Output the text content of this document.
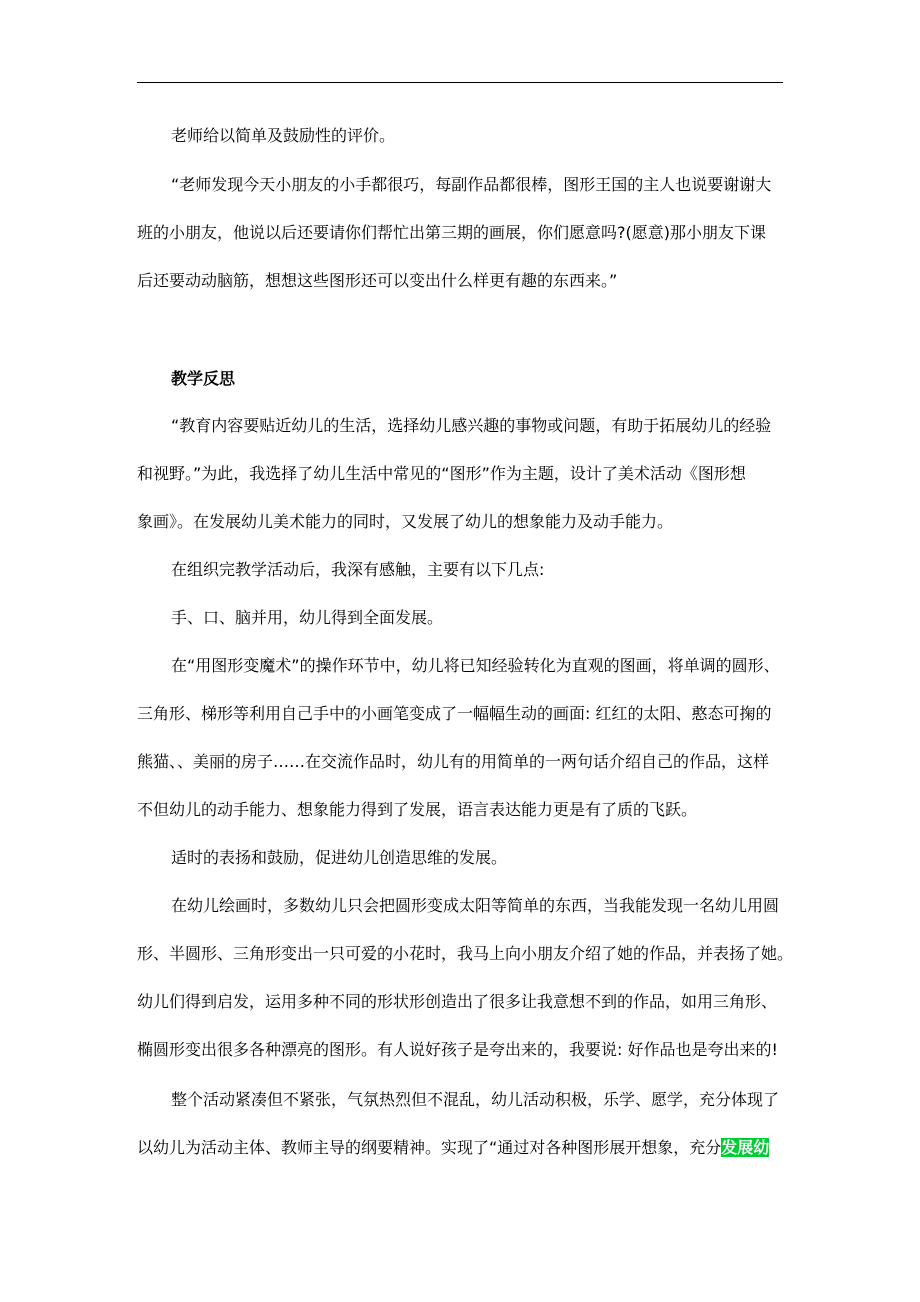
老师给以简单及鼓励性的评价。
“老师发现今天小朋友的小手都很巧，每副作品都很棒，图形王国的主人也说要谢谢大
班的小朋友，他说以后还要请你们帮忙出第三期的画展，你们愿意吗?(愿意)那小朋友下课
后还要动动脑筋，想想这些图形还可以变出什么样更有趣的东西来。”
教学反思
“教育内容要贴近幼儿的生活，选择幼儿感兴趣的事物或问题，有助于拓展幼儿的经验
和视野。”为此，我选择了幼儿生活中常见的“图形”作为主题，设计了美术活动《图形想
象画》。在发展幼儿美术能力的同时，又发展了幼儿的想象能力及动手能力。
在组织完教学活动后，我深有感触，主要有以下几点:
手、口、脑并用，幼儿得到全面发展。
在“用图形变魔术”的操作环节中，幼儿将已知经验转化为直观的图画，将单调的圆形、
三角形、梯形等利用自己手中的小画笔变成了一幅幅生动的画面: 红红的太阳、憨态可掬的
熊猫、、美丽的房子……在交流作品时，幼儿有的用简单的一两句话介绍自己的作品，这样
不但幼儿的动手能力、想象能力得到了发展，语言表达能力更是有了质的飞跃。
适时的表扬和鼓励，促进幼儿创造思维的发展。
在幼儿绘画时，多数幼儿只会把圆形变成太阳等简单的东西，当我能发现一名幼儿用圆
形、半圆形、三角形变出一只可爱的小花时，我马上向小朋友介绍了她的作品，并表扬了她。
幼儿们得到启发，运用多种不同的形状形创造出了很多让我意想不到的作品，如用三角形、
椭圆形变出很多各种漂亮的图形。有人说好孩子是夸出来的，我要说: 好作品也是夸出来的!
整个活动紧凑但不紧张，气氛热烈但不混乱，幼儿活动积极，乐学、愿学，充分体现了
以幼儿为活动主体、教师主导的纲要精神。实现了“通过对各种图形展开想象，充分发展幼
